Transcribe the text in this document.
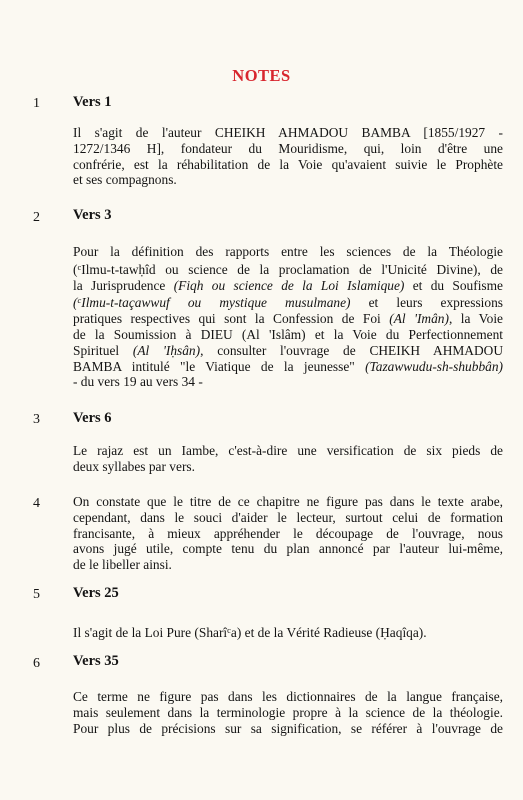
NOTES
1 Vers 1
Il s'agit de l'auteur CHEIKH AHMADOU BAMBA [1855/1927 -
1272/1346 H], fondateur du Mouridisme, qui, loin d'être une
confrérie, est la réhabilitation de la Voie qu'avaient suivie le Prophète
et ses compagnons.
2 Vers 3
Pour la définition des rapports entre les sciences de la Théologie
($^c$Ilmu-t-tawḥîd ou science de la proclamation de l'Unicité Divine), de
la Jurisprudence (Fiqh ou science de la Loi Islamique) et du Soufisme
($^c$Ilmu-t-taçawwuf ou mystique musulmane) et leurs expressions
pratiques respectives qui sont la Confession de Foi (Al 'Imân), la Voie
de la Soumission à DIEU (Al 'Islâm) et la Voie du Perfectionnement
Spirituel (Al 'Iḥsân), consulter l'ouvrage de CHEIKH AHMADOU
BAMBA intitulé "le Viatique de la jeunesse" (Tazawwudu-sh-shubbân)
- du vers 19 au vers 34 -
3 Vers 6
Le rajaz est un Iambe, c'est-à-dire une versification de six pieds de
deux syllabes par vers.
4 On constate que le titre de ce chapitre ne figure pas dans le texte arabe,
cependant, dans le souci d'aider le lecteur, surtout celui de formation
francisante, à mieux appréhender le découpage de l'ouvrage, nous
avons jugé utile, compte tenu du plan annoncé par l'auteur lui-même,
de le libeller ainsi.
5 Vers 25
Il s'agit de la Loi Pure (Sharî$^c$a) et de la Vérité Radieuse (Ḥaqîqa).
6 Vers 35
Ce terme ne figure pas dans les dictionnaires de la langue française,
mais seulement dans la terminologie propre à la science de la théologie.
Pour plus de précisions sur sa signification, se référer à l'ouvrage de
